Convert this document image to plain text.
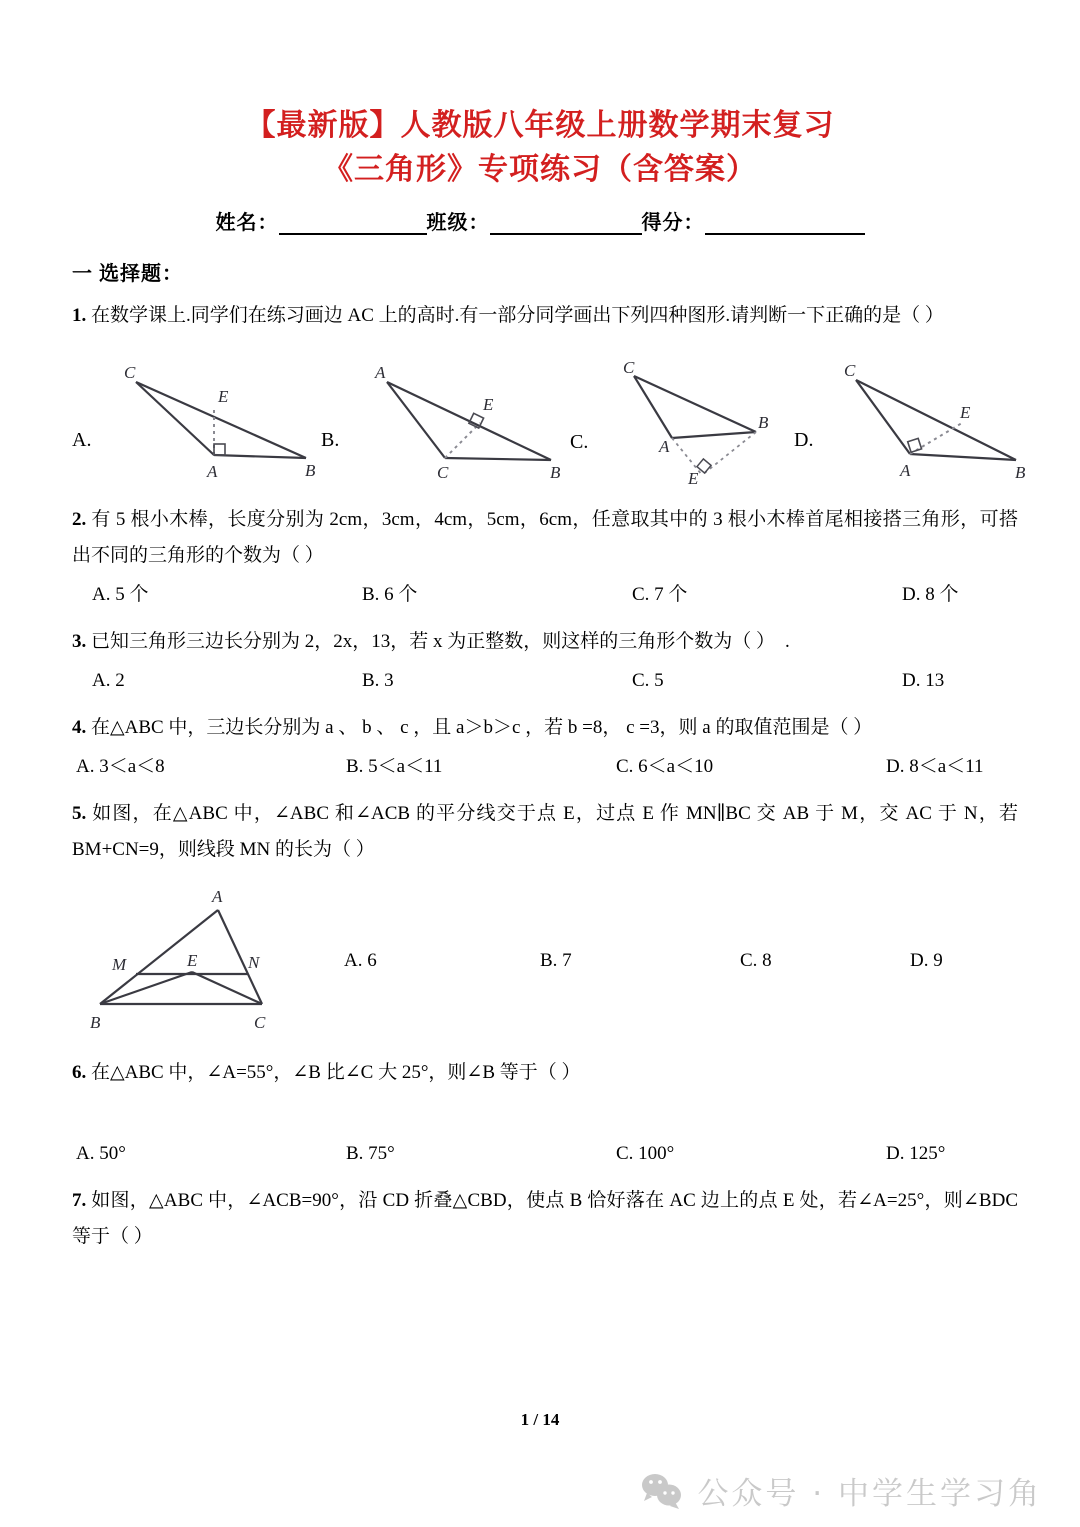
【最新版】人教版八年级上册数学期末复习
《三角形》专项练习（含答案）
姓名：	班级：	得分：
一 选择题：
1. 在数学课上.同学们在练习画边 AC 上的高时.有一部分同学画出下列四种图形.请判断一下正确的是（ ）
A.
C
E
A	B
B.
A
E
C	B
C.
C
A
B
E
D.
C
E
A	B
2. 有 5 根小木棒，长度分别为 2cm，3cm，4cm，5cm，6cm，任意取其中的 3 根小木棒首尾相接搭三角形，可搭出不同的三角形的个数为（ ）
A. 5 个	B. 6 个	C. 7 个	D. 8 个
3. 已知三角形三边长分别为 2，2x，13，若 x 为正整数，则这样的三角形个数为（ ）.
A. 2	B. 3	C. 5	D. 13
4. 在△ABC 中，三边长分别为 a 、 b 、 c ，且 a＞b＞c ，若 b =8， c =3，则 a 的取值范围是（ ）
A. 3＜a＜8	B. 5＜a＜11	C. 6＜a＜10	D. 8＜a＜11
5. 如图，在△ABC 中，∠ABC 和∠ACB 的平分线交于点 E，过点 E 作 MN∥BC 交 AB 于 M，交 AC 于 N，若 BM+CN=9，则线段 MN 的长为（ ）
A
M	E	N
B	C
A. 6	B. 7	C. 8	D. 9
6. 在△ABC 中，∠A=55°，∠B 比∠C 大 25°，则∠B 等于（ ）
A. 50°	B. 75°	C. 100°	D. 125°
7. 如图，△ABC 中，∠ACB=90°，沿 CD 折叠△CBD，使点 B 恰好落在 AC 边上的点 E 处，若∠A=25°，则∠BDC 等于（ ）
1 / 14
公众号 · 中学生学习角
